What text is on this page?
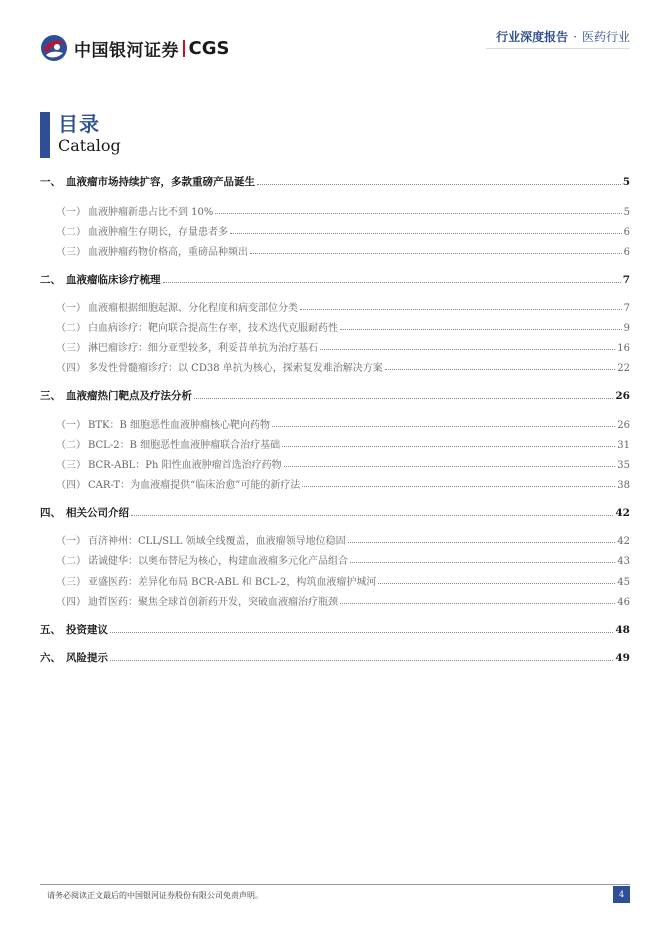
中国银河证券 CGS
行业深度报告 · 医药行业
目录
Catalog
一、 血液瘤市场持续扩容，多款重磅产品诞生	5
（一） 血液肿瘤新患占比不到 10%	5
（二） 血液肿瘤生存期长，存量患者多	6
（三） 血液肿瘤药物价格高，重磅品种频出	6
二、 血液瘤临床诊疗梳理	7
（一） 血液瘤根据细胞起源、分化程度和病变部位分类	7
（二） 白血病诊疗：靶向联合提高生存率，技术迭代克服耐药性	9
（三） 淋巴瘤诊疗：细分亚型较多，利妥昔单抗为治疗基石	16
（四） 多发性骨髓瘤诊疗：以 CD38 单抗为核心，探索复发难治解决方案	22
三、 血液瘤热门靶点及疗法分析	26
（一） BTK：B 细胞恶性血液肿瘤核心靶向药物	26
（二） BCL-2：B 细胞恶性血液肿瘤联合治疗基础	31
（三） BCR-ABL：Ph 阳性血液肿瘤首选治疗药物	35
（四） CAR-T：为血液瘤提供“临床治愈”可能的新疗法	38
四、 相关公司介绍	42
（一） 百济神州：CLL/SLL 领域全线覆盖，血液瘤领导地位稳固	42
（二） 诺诚健华：以奥布替尼为核心，构建血液瘤多元化产品组合	43
（三） 亚盛医药：差异化布局 BCR-ABL 和 BCL-2，构筑血液瘤护城河	45
（四） 迪哲医药：聚焦全球首创新药开发，突破血液瘤治疗瓶颈	46
五、 投资建议	48
六、 风险提示	49
请务必阅读正文最后的中国银河证券股份有限公司免责声明。	4
